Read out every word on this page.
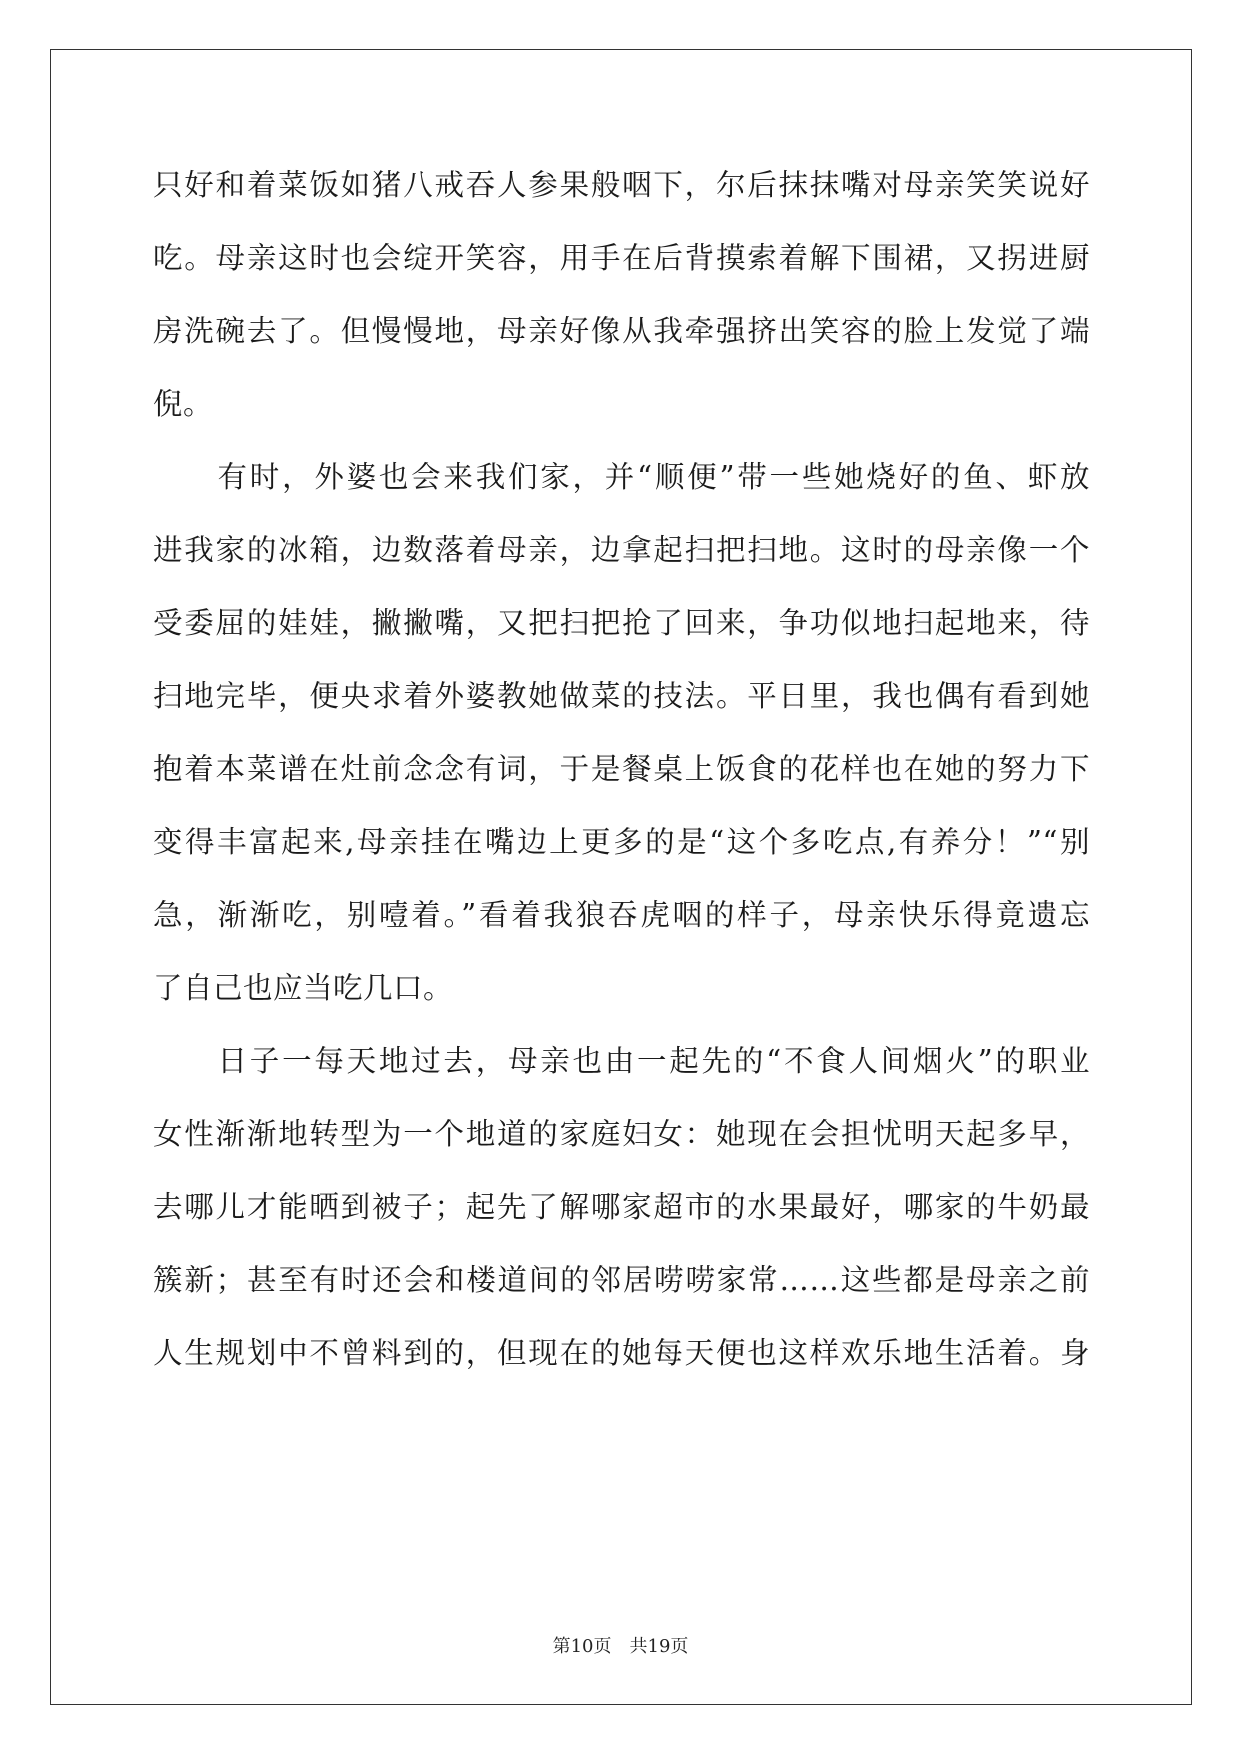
只好和着菜饭如猪八戒吞人参果般咽下，尔后抹抹嘴对母亲笑笑说好
吃。母亲这时也会绽开笑容，用手在后背摸索着解下围裙，又拐进厨
房洗碗去了。但慢慢地，母亲好像从我牵强挤出笑容的脸上发觉了端
倪。
　　有时，外婆也会来我们家，并“顺便”带一些她烧好的鱼、虾放
进我家的冰箱，边数落着母亲，边拿起扫把扫地。这时的母亲像一个
受委屈的娃娃，撇撇嘴，又把扫把抢了回来，争功似地扫起地来，待
扫地完毕，便央求着外婆教她做菜的技法。平日里，我也偶有看到她
抱着本菜谱在灶前念念有词，于是餐桌上饭食的花样也在她的努力下
变得丰富起来,母亲挂在嘴边上更多的是“这个多吃点,有养分！”“别
急，渐渐吃，别噎着。”看着我狼吞虎咽的样子，母亲快乐得竟遗忘
了自己也应当吃几口。
　　日子一每天地过去，母亲也由一起先的“不食人间烟火”的职业
女性渐渐地转型为一个地道的家庭妇女：她现在会担忧明天起多早，
去哪儿才能晒到被子；起先了解哪家超市的水果最好，哪家的牛奶最
簇新；甚至有时还会和楼道间的邻居唠唠家常……这些都是母亲之前
人生规划中不曾料到的，但现在的她每天便也这样欢乐地生活着。身
第10页　共19页
